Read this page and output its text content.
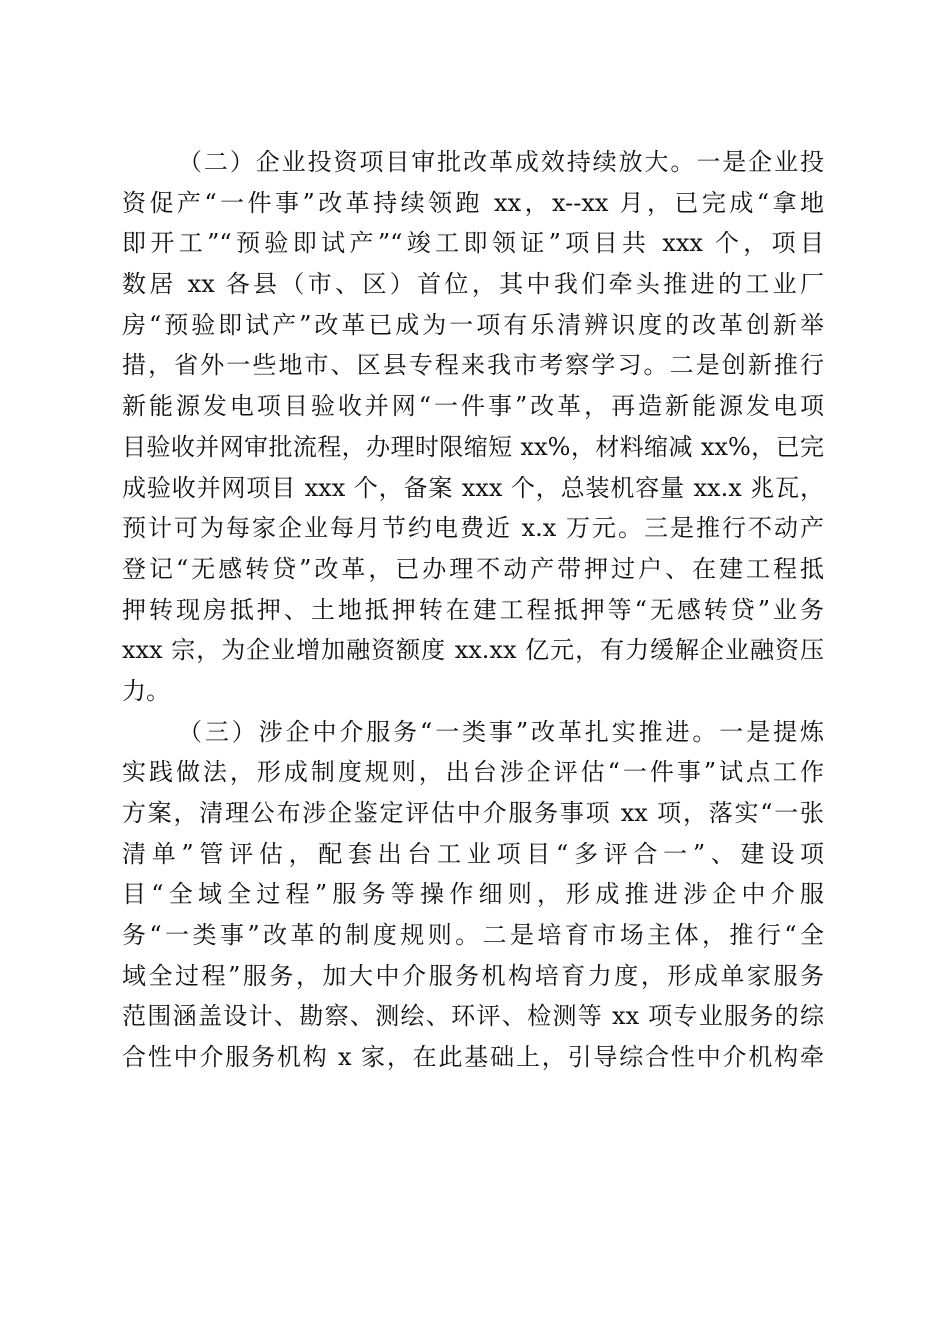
（二）企业投资项目审批改革成效持续放大。一是企业投
资促产“一件事”改革持续领跑 xx，x--xx 月，已完成“拿地
即开工”“预验即试产”“竣工即领证”项目共 xxx 个，项目
数居 xx 各县（市、区）首位，其中我们牵头推进的工业厂
房“预验即试产”改革已成为一项有乐清辨识度的改革创新举
措，省外一些地市、区县专程来我市考察学习。二是创新推行
新能源发电项目验收并网“一件事”改革，再造新能源发电项
目验收并网审批流程，办理时限缩短 xx%，材料缩减 xx%，已完
成验收并网项目 xxx 个，备案 xxx 个，总装机容量 xx.x 兆瓦，
预计可为每家企业每月节约电费近 x.x 万元。三是推行不动产
登记“无感转贷”改革，已办理不动产带押过户、在建工程抵
押转现房抵押、土地抵押转在建工程抵押等“无感转贷”业务
xxx 宗，为企业增加融资额度 xx.xx 亿元，有力缓解企业融资压
力。
（三）涉企中介服务“一类事”改革扎实推进。一是提炼
实践做法，形成制度规则，出台涉企评估“一件事”试点工作
方案，清理公布涉企鉴定评估中介服务事项 xx 项，落实“一张
清单”管评估，配套出台工业项目“多评合一”、建设项
目“全域全过程”服务等操作细则，形成推进涉企中介服
务“一类事”改革的制度规则。二是培育市场主体，推行“全
域全过程”服务，加大中介服务机构培育力度，形成单家服务
范围涵盖设计、勘察、测绘、环评、检测等 xx 项专业服务的综
合性中介服务机构 x 家，在此基础上，引导综合性中介机构牵
